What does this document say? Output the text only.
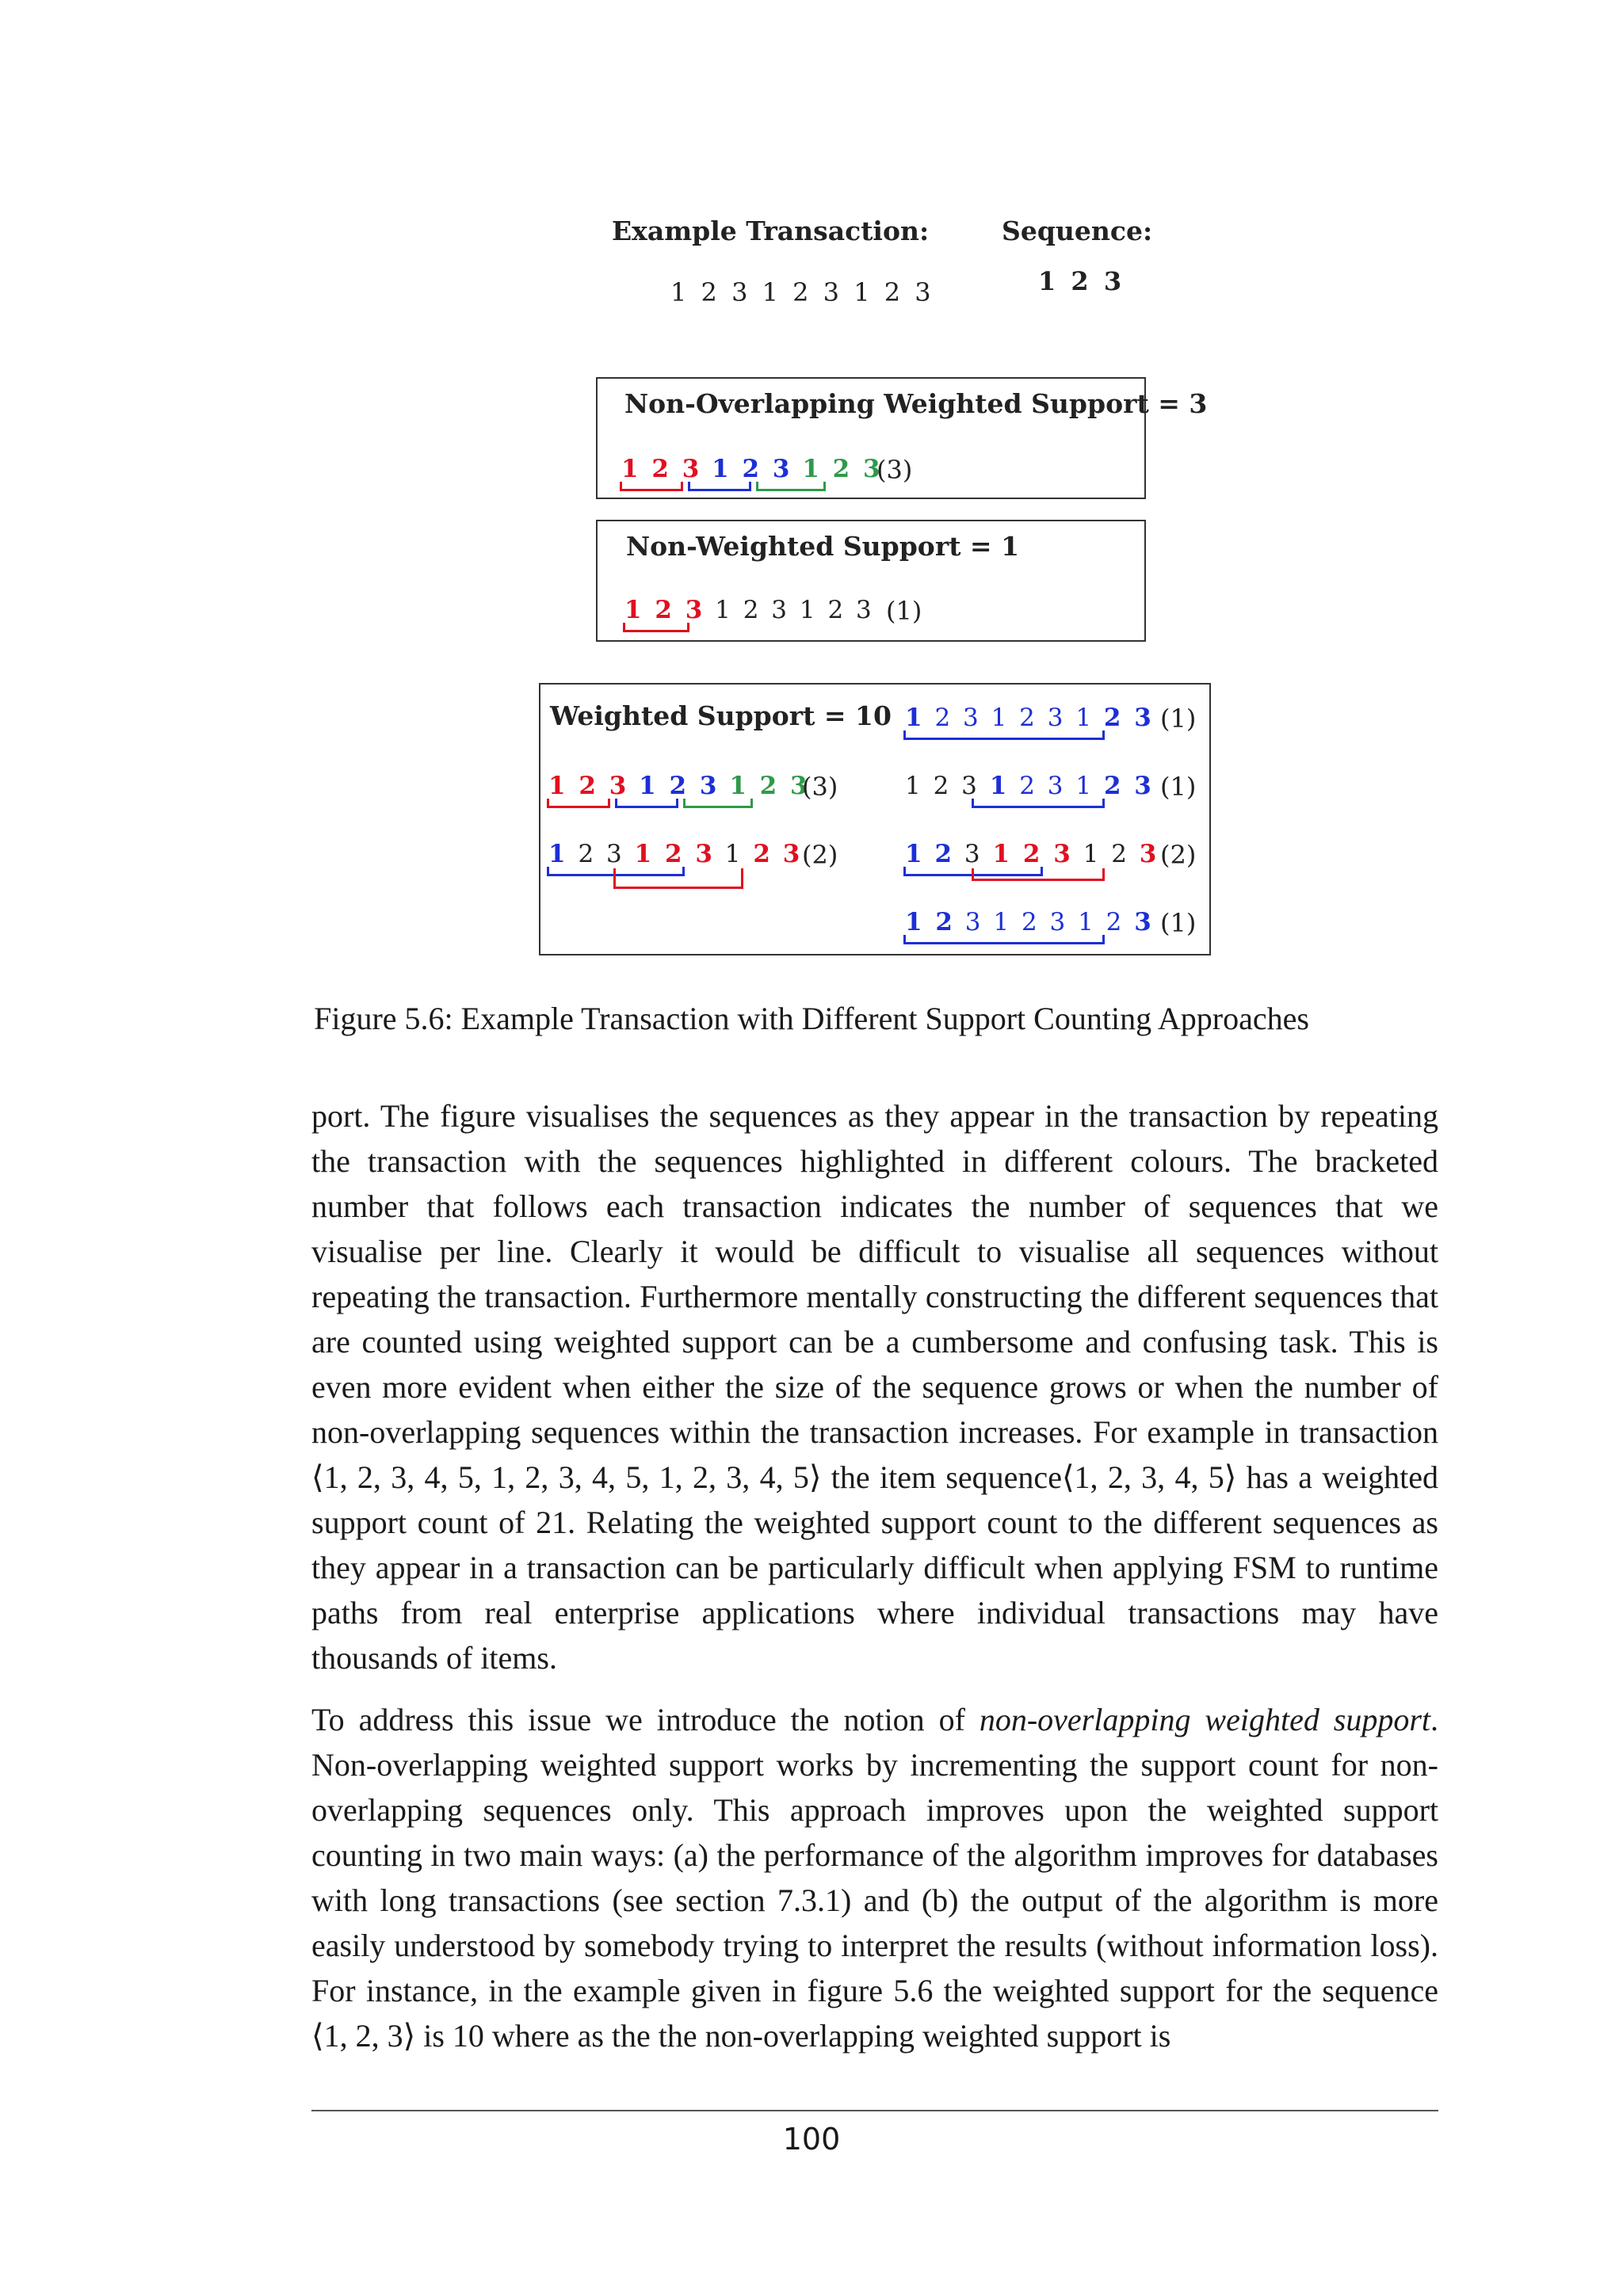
Example Transaction:	Sequence:
1 2 3 1 2 3 1 2 3	1 2 3
Non-Overlapping Weighted Support = 3
1 2 3 1 2 3 1 2 3
(3)
Non-Weighted Support = 1
1 2 3 1 2 3 1 2 3 (1)
Weighted Support = 10
1 2 3 1 2 3 1 2 3
(3)
1 2 3 1 2 3 1 2 3 (2)
1 2 3 1 2 3 1 2 3 (1)
1 2 3 1 2 3 1 2 3 (1)
1 2 3 1 2 3 1 2 3 (2)
1 2 3 1 2 3 1 2 3 (1)
Figure 5.6: Example Transaction with Different Support Counting Approaches

port. The figure visualises the sequences as they appear in the transaction by repeating the transaction with the sequences highlighted in different colours. The bracketed number that follows each transaction indicates the number of sequences that we visualise per line. Clearly it would be difficult to visualise all sequences without repeating the transaction. Furthermore mentally constructing the different sequences that are counted using weighted support can be a cumbersome and confusing task. This is even more evident when either the size of the sequence grows or when the number of non-overlapping sequences within the transaction increases. For example in transaction ⟨1, 2, 3, 4, 5, 1, 2, 3, 4, 5, 1, 2, 3, 4, 5⟩ the item sequence⟨1, 2, 3, 4, 5⟩ has a weighted support count of 21. Relating the weighted support count to the different sequences as they appear in a transaction can be particularly difficult when applying FSM to runtime paths from real enterprise applications where individual transactions may have thousands of items.

To address this issue we introduce the notion of non-overlapping weighted support. Non-overlapping weighted support works by incrementing the support count for non-overlapping sequences only. This approach improves upon the weighted support counting in two main ways: (a) the performance of the algorithm improves for databases with long transactions (see section 7.3.1) and (b) the output of the algorithm is more easily understood by somebody trying to interpret the results (without information loss). For instance, in the example given in figure 5.6 the weighted support for the sequence ⟨1, 2, 3⟩ is 10 where as the the non-overlapping weighted support is

100
